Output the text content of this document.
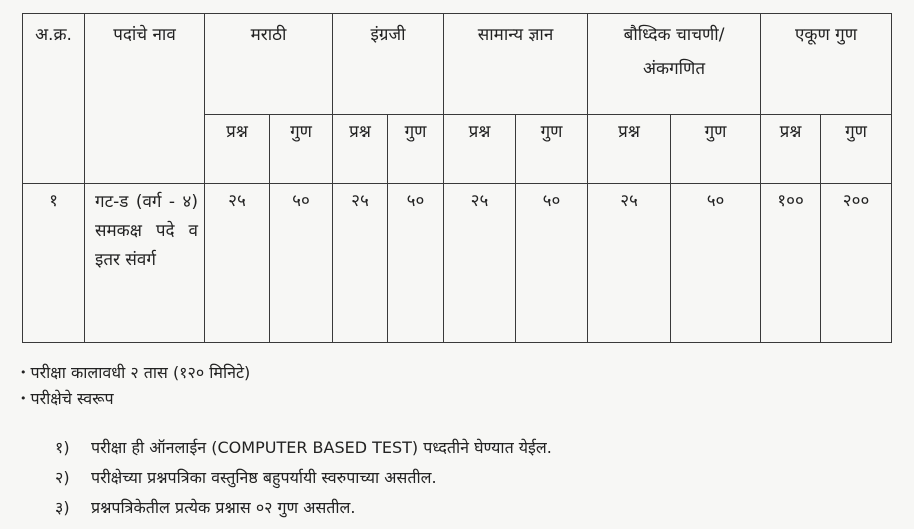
अ.क्र.	पदांचे नाव	मराठी		इंग्रजी		सामान्य ज्ञान		बौध्दिक चाचणी/ अंकगणित		एकूण गुण	
		प्रश्न	गुण	प्रश्न	गुण	प्रश्न	गुण	प्रश्न	गुण	प्रश्न	गुण
१	गट-ड (वर्ग - ४) समकक्ष पदे व इतर संवर्ग	२५	५०	२५	५०	२५	५०	२५	५०	१००	२००

• परीक्षा कालावधी २ तास (१२० मिनिटे)

• परीक्षेचे स्वरूप

१) परीक्षा ही ऑनलाईन (COMPUTER BASED TEST) पध्दतीने घेण्यात येईल.

२) परीक्षेच्या प्रश्नपत्रिका वस्तुनिष्ठ बहुपर्यायी स्वरुपाच्या असतील.

३) प्रश्नपत्रिकेतील प्रत्येक प्रश्नास ०२ गुण असतील.
